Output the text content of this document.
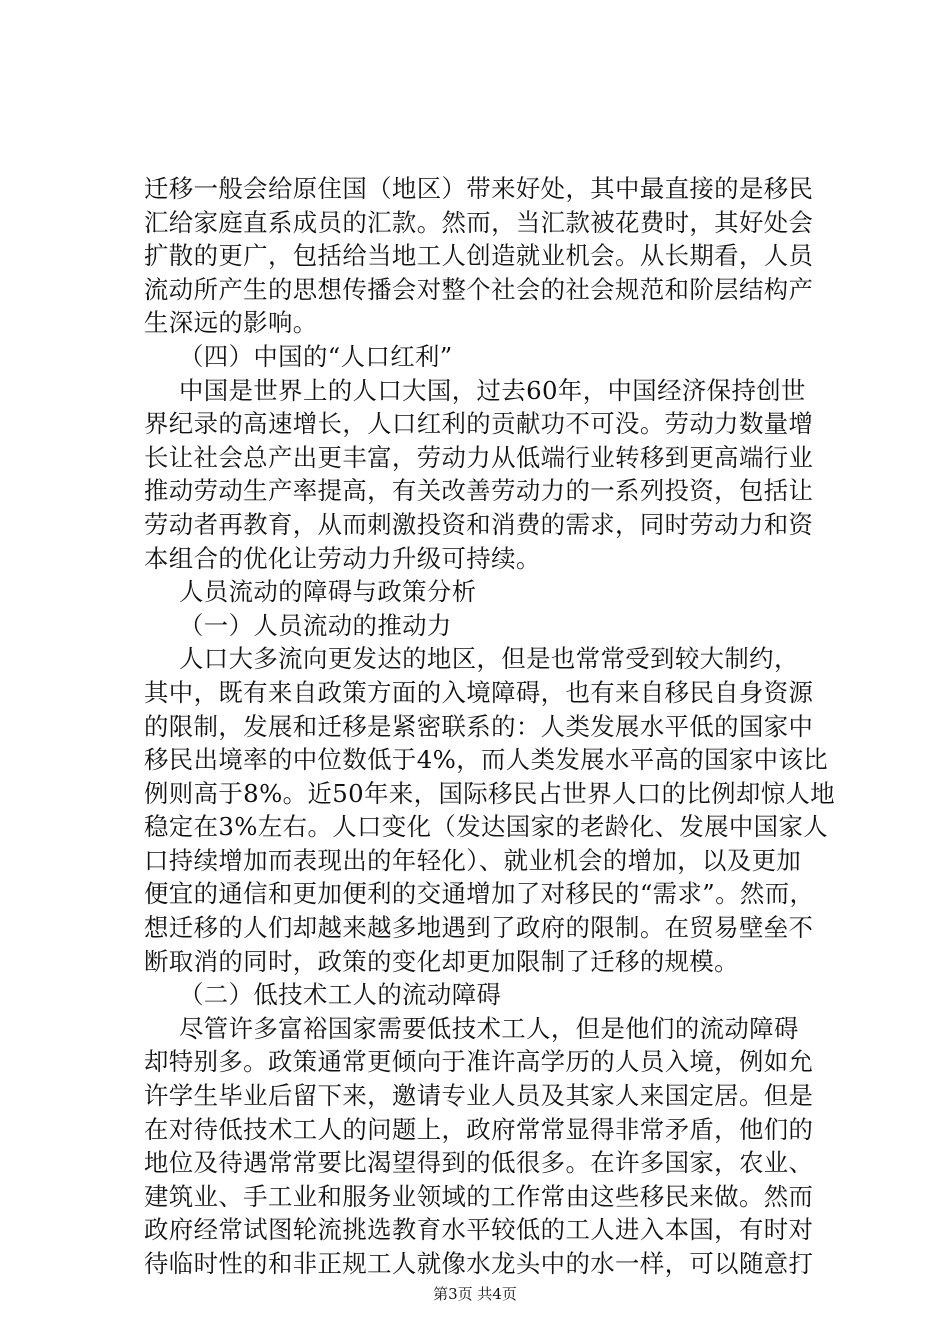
迁移一般会给原住国（地区）带来好处，其中最直接的是移民
汇给家庭直系成员的汇款。然而，当汇款被花费时，其好处会
扩散的更广，包括给当地工人创造就业机会。从长期看，人员
流动所产生的思想传播会对整个社会的社会规范和阶层结构产
生深远的影响。
（四）中国的“人口红利”
中国是世界上的人口大国，过去60年，中国经济保持创世
界纪录的高速增长，人口红利的贡献功不可没。劳动力数量增
长让社会总产出更丰富，劳动力从低端行业转移到更高端行业
推动劳动生产率提高，有关改善劳动力的一系列投资，包括让
劳动者再教育，从而刺激投资和消费的需求，同时劳动力和资
本组合的优化让劳动力升级可持续。
人员流动的障碍与政策分析
（一）人员流动的推动力
人口大多流向更发达的地区，但是也常常受到较大制约，
其中，既有来自政策方面的入境障碍，也有来自移民自身资源
的限制，发展和迁移是紧密联系的：人类发展水平低的国家中
移民出境率的中位数低于4%，而人类发展水平高的国家中该比
例则高于8%。近50年来，国际移民占世界人口的比例却惊人地
稳定在3%左右。人口变化（发达国家的老龄化、发展中国家人
口持续增加而表现出的年轻化）、就业机会的增加，以及更加
便宜的通信和更加便利的交通增加了对移民的“需求”。然而，
想迁移的人们却越来越多地遇到了政府的限制。在贸易壁垒不
断取消的同时，政策的变化却更加限制了迁移的规模。
（二）低技术工人的流动障碍
尽管许多富裕国家需要低技术工人，但是他们的流动障碍
却特别多。政策通常更倾向于准许高学历的人员入境，例如允
许学生毕业后留下来，邀请专业人员及其家人来国定居。但是
在对待低技术工人的问题上，政府常常显得非常矛盾，他们的
地位及待遇常常要比渴望得到的低很多。在许多国家，农业、
建筑业、手工业和服务业领域的工作常由这些移民来做。然而
政府经常试图轮流挑选教育水平较低的工人进入本国，有时对
待临时性的和非正规工人就像水龙头中的水一样，可以随意打
第3页 共4页
